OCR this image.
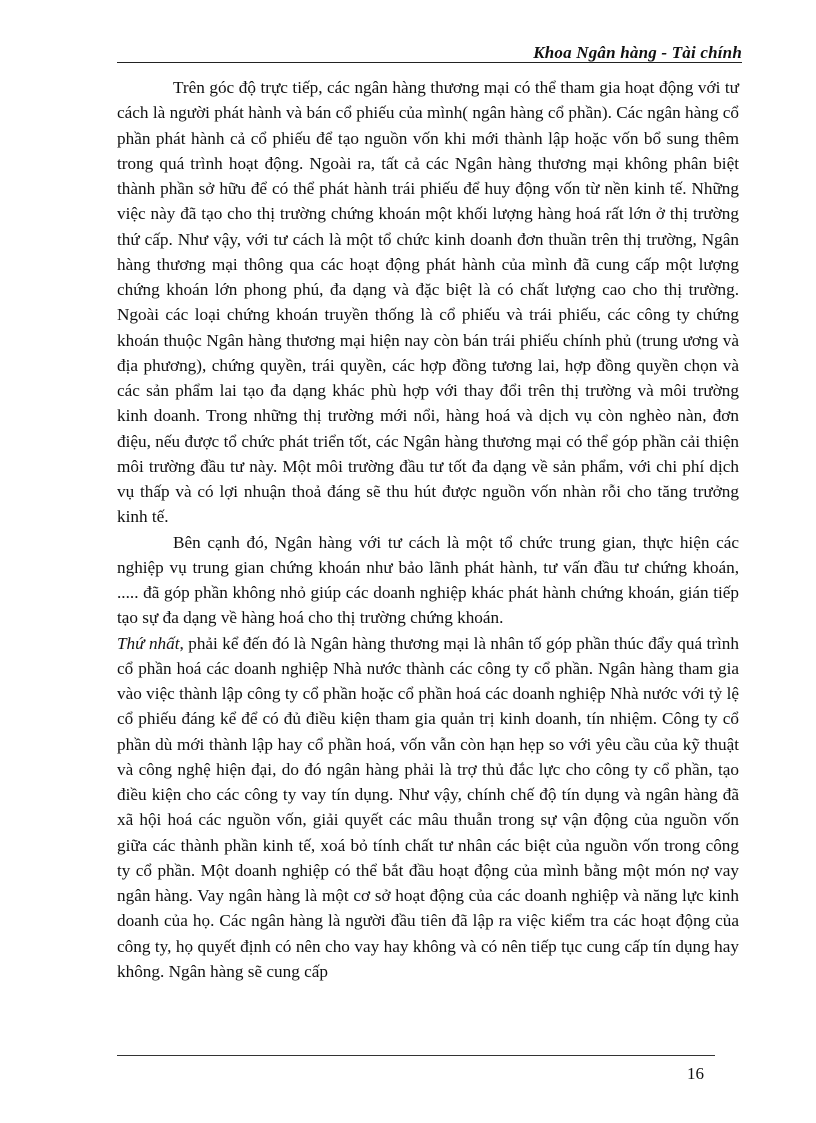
Khoa Ngân hàng - Tài chính

Trên góc độ trực tiếp, các ngân hàng thương mại có thể tham gia hoạt động với tư cách là người phát hành và bán cổ phiếu của mình( ngân hàng cổ phần). Các ngân hàng cổ phần phát hành cả cổ phiếu để tạo nguồn vốn khi mới thành lập hoặc vốn bổ sung thêm trong quá trình hoạt động. Ngoài ra, tất cả các Ngân hàng thương mại không phân biệt thành phần sở hữu để có thể phát hành trái phiếu để huy động vốn từ nền kinh tế. Những việc này đã tạo cho thị trường chứng khoán một khối lượng hàng hoá rất lớn ở thị trường thứ cấp. Như vậy, với tư cách là một tổ chức kinh doanh đơn thuần trên thị trường, Ngân hàng thương mại thông qua các hoạt động phát hành của mình đã cung cấp một lượng chứng khoán lớn phong phú, đa dạng và đặc biệt là có chất lượng cao cho thị trường. Ngoài các loại chứng khoán truyền thống là cổ phiếu và trái phiếu, các công ty chứng khoán thuộc Ngân hàng thương mại hiện nay còn bán trái phiếu chính phủ (trung ương và địa phương), chứng quyền, trái quyền, các hợp đồng tương lai, hợp đồng quyền chọn và các sản phẩm lai tạo đa dạng khác phù hợp với thay đổi trên thị trường và môi trường kinh doanh. Trong những thị trường mới nổi, hàng hoá và dịch vụ còn nghèo nàn, đơn điệu, nếu được tổ chức phát triển tốt, các Ngân hàng thương mại có thể góp phần cải thiện môi trường đầu tư này. Một môi trường đầu tư tốt đa dạng về sản phẩm, với chi phí dịch vụ thấp và có lợi nhuận thoả đáng sẽ thu hút được nguồn vốn nhàn rỗi cho tăng trưởng kinh tế.

Bên cạnh đó, Ngân hàng với tư cách là một tổ chức trung gian, thực hiện các nghiệp vụ trung gian chứng khoán như bảo lãnh phát hành, tư vấn đầu tư chứng khoán, ..... đã góp phần không nhỏ giúp các doanh nghiệp khác phát hành chứng khoán, gián tiếp tạo sự đa dạng về hàng hoá cho thị trường chứng khoán.

Thứ nhất, phải kể đến đó là Ngân hàng thương mại là nhân tố góp phần thúc đẩy quá trình cổ phần hoá các doanh nghiệp Nhà nước thành các công ty cổ phần. Ngân hàng tham gia vào việc thành lập công ty cổ phần hoặc cổ phần hoá các doanh nghiệp Nhà nước với tỷ lệ cổ phiếu đáng kể để có đủ điều kiện tham gia quản trị kinh doanh, tín nhiệm. Công ty cổ phần dù mới thành lập hay cổ phần hoá, vốn vẫn còn hạn hẹp so với yêu cầu của kỹ thuật và công nghệ hiện đại, do đó ngân hàng phải là trợ thủ đắc lực cho công ty cổ phần, tạo điều kiện cho các công ty vay tín dụng. Như vậy, chính chế độ tín dụng và ngân hàng đã xã hội hoá các nguồn vốn, giải quyết các mâu thuẫn trong sự vận động của nguồn vốn giữa các thành phần kinh tế, xoá bỏ tính chất tư nhân các biệt của nguồn vốn trong công ty cổ phần. Một doanh nghiệp có thể bắt đầu hoạt động của mình bằng một món nợ vay ngân hàng. Vay ngân hàng là một cơ sở hoạt động của các doanh nghiệp và năng lực kinh doanh của họ. Các ngân hàng là người đầu tiên đã lập ra việc kiểm tra các hoạt động của công ty, họ quyết định có nên cho vay hay không và có nên tiếp tục cung cấp tín dụng hay không. Ngân hàng sẽ cung cấp

16
